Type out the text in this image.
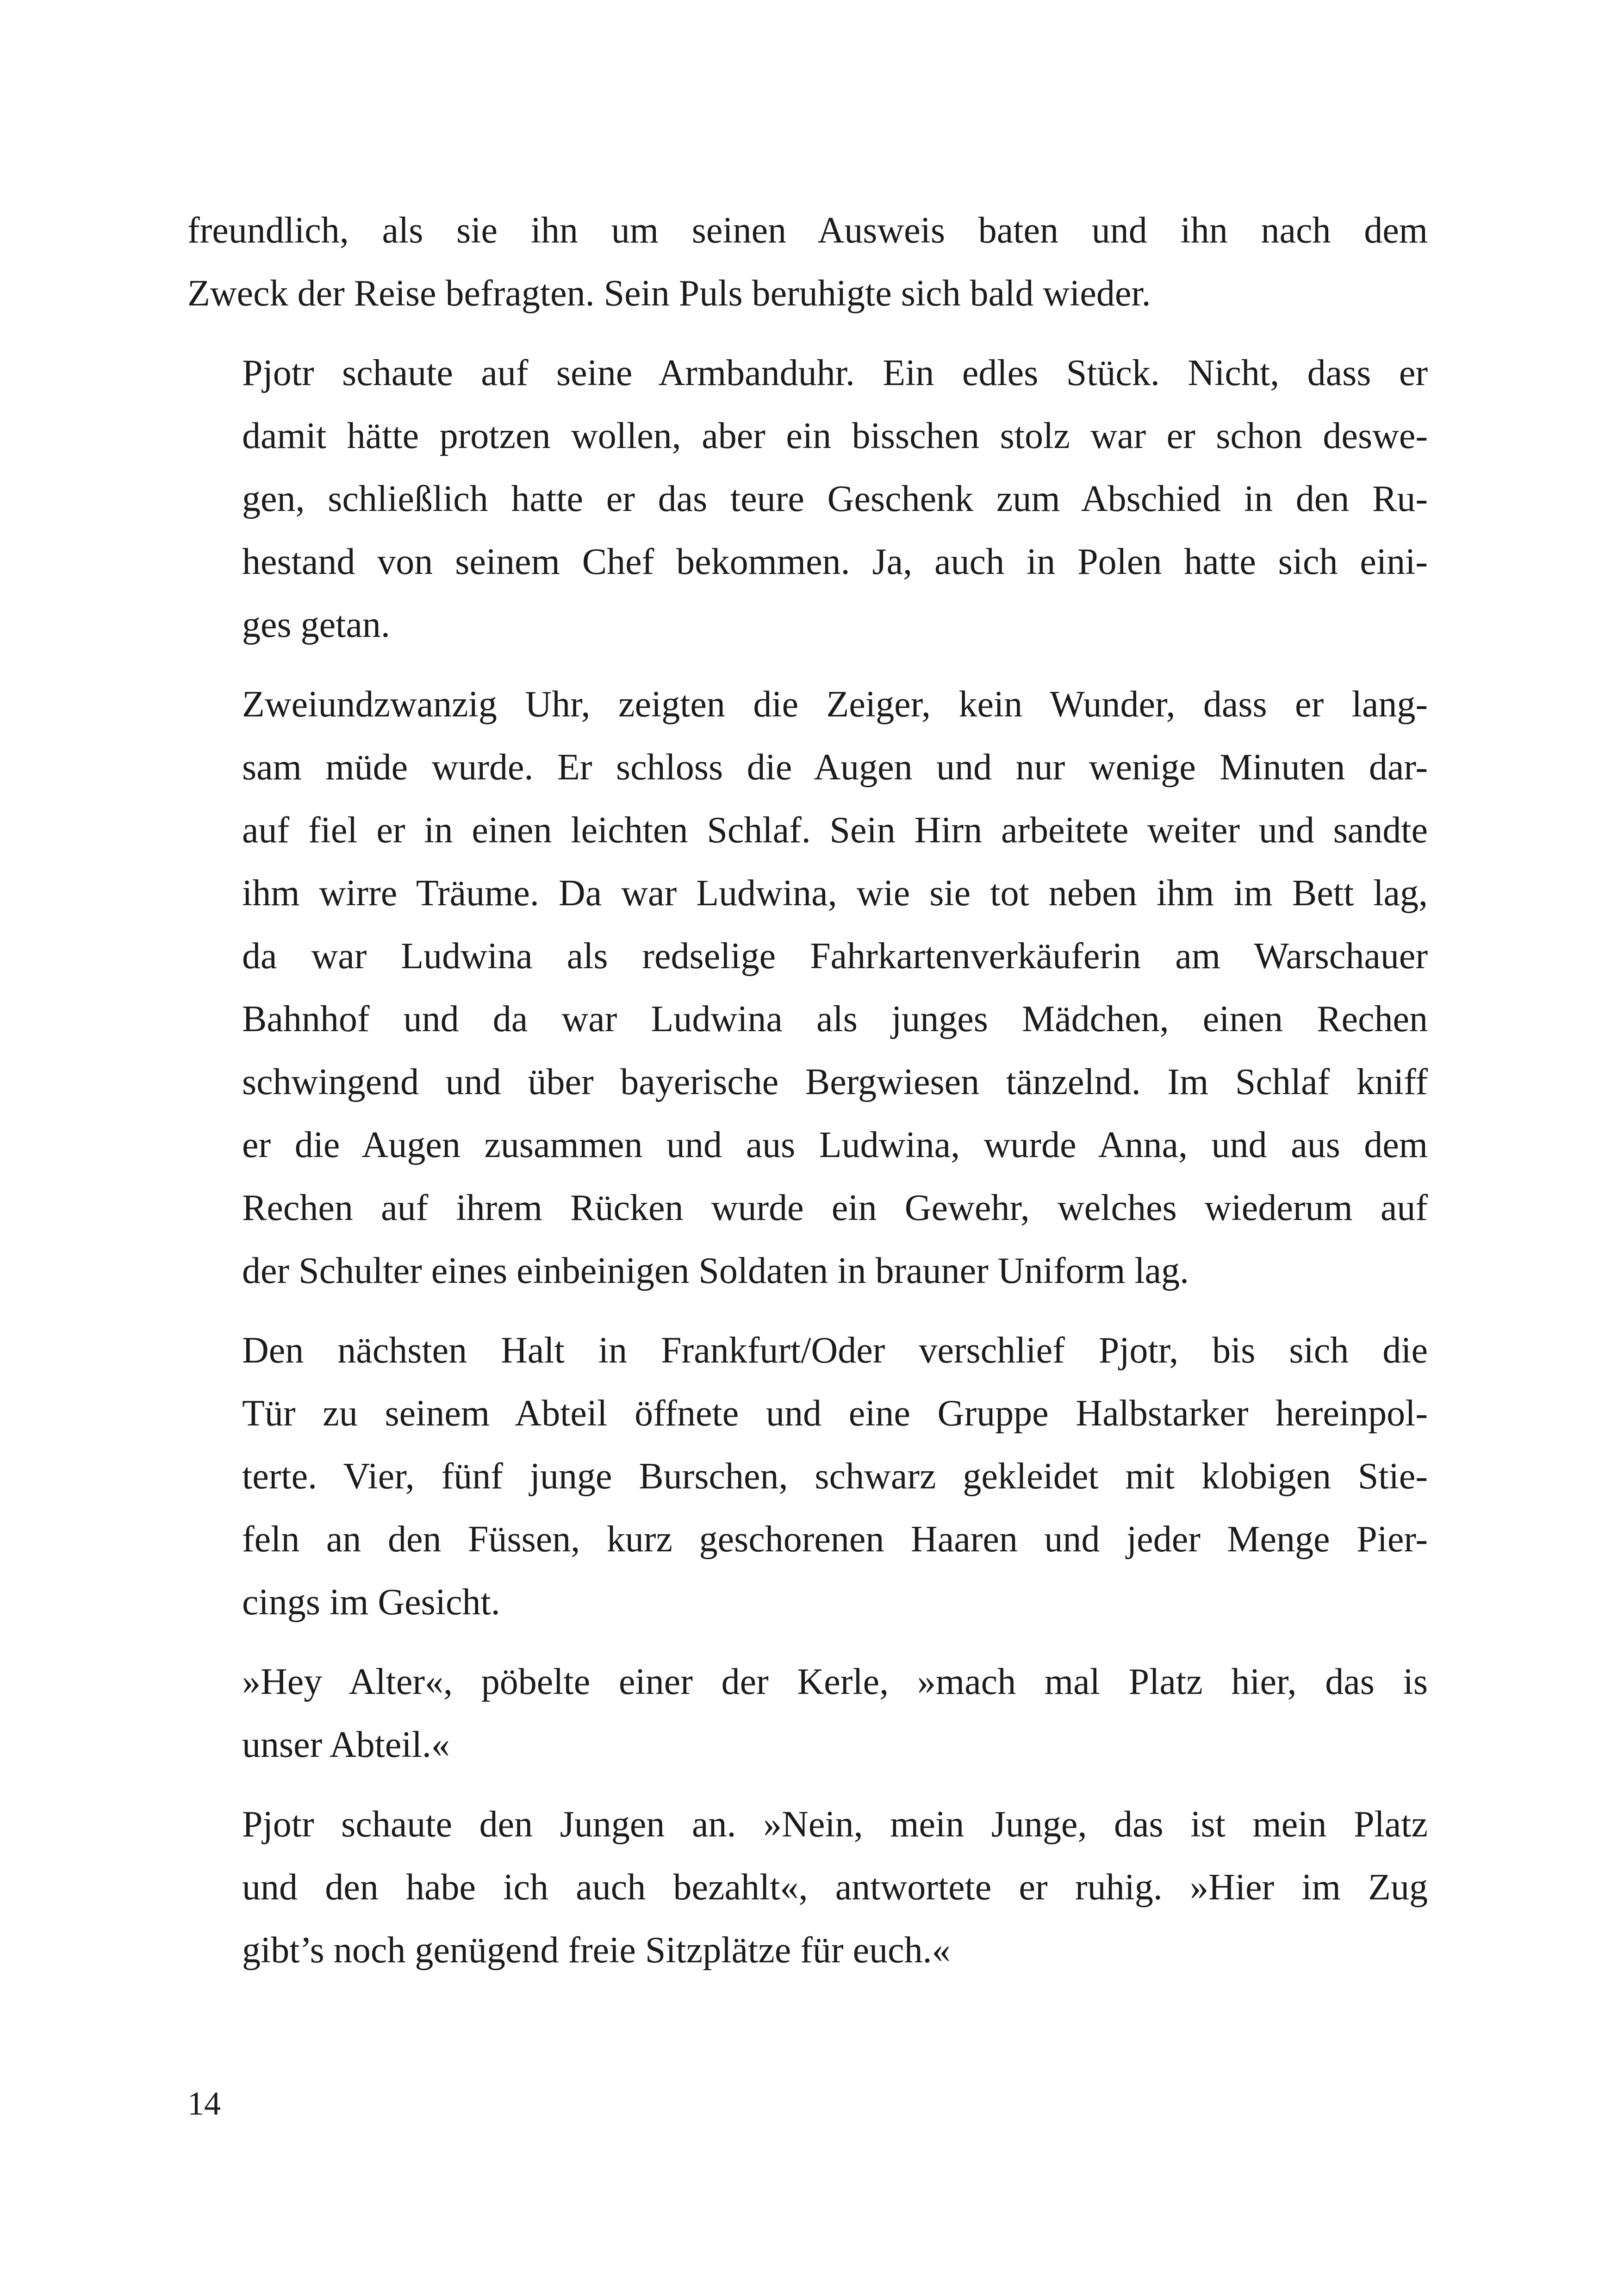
freundlich, als sie ihn um seinen Ausweis baten und ihn nach dem
Zweck der Reise befragten. Sein Puls beruhigte sich bald wieder.

Pjotr schaute auf seine Armbanduhr. Ein edles Stück. Nicht, dass er
damit hätte protzen wollen, aber ein bisschen stolz war er schon deswe-
gen, schließlich hatte er das teure Geschenk zum Abschied in den Ru-
hestand von seinem Chef bekommen. Ja, auch in Polen hatte sich eini-
ges getan.

Zweiundzwanzig Uhr, zeigten die Zeiger, kein Wunder, dass er lang-
sam müde wurde. Er schloss die Augen und nur wenige Minuten dar-
auf fiel er in einen leichten Schlaf. Sein Hirn arbeitete weiter und sandte
ihm wirre Träume. Da war Ludwina, wie sie tot neben ihm im Bett lag,
da war Ludwina als redselige Fahrkartenverkäuferin am Warschauer
Bahnhof und da war Ludwina als junges Mädchen, einen Rechen
schwingend und über bayerische Bergwiesen tänzelnd. Im Schlaf kniff
er die Augen zusammen und aus Ludwina, wurde Anna, und aus dem
Rechen auf ihrem Rücken wurde ein Gewehr, welches wiederum auf
der Schulter eines einbeinigen Soldaten in brauner Uniform lag.

Den nächsten Halt in Frankfurt/Oder verschlief Pjotr, bis sich die
Tür zu seinem Abteil öffnete und eine Gruppe Halbstarker hereinpol-
terte. Vier, fünf junge Burschen, schwarz gekleidet mit klobigen Stie-
feln an den Füssen, kurz geschorenen Haaren und jeder Menge Pier-
cings im Gesicht.

»Hey Alter«, pöbelte einer der Kerle, »mach mal Platz hier, das is
unser Abteil.«

Pjotr schaute den Jungen an. »Nein, mein Junge, das ist mein Platz
und den habe ich auch bezahlt«, antwortete er ruhig. »Hier im Zug
gibt’s noch genügend freie Sitzplätze für euch.«

14
